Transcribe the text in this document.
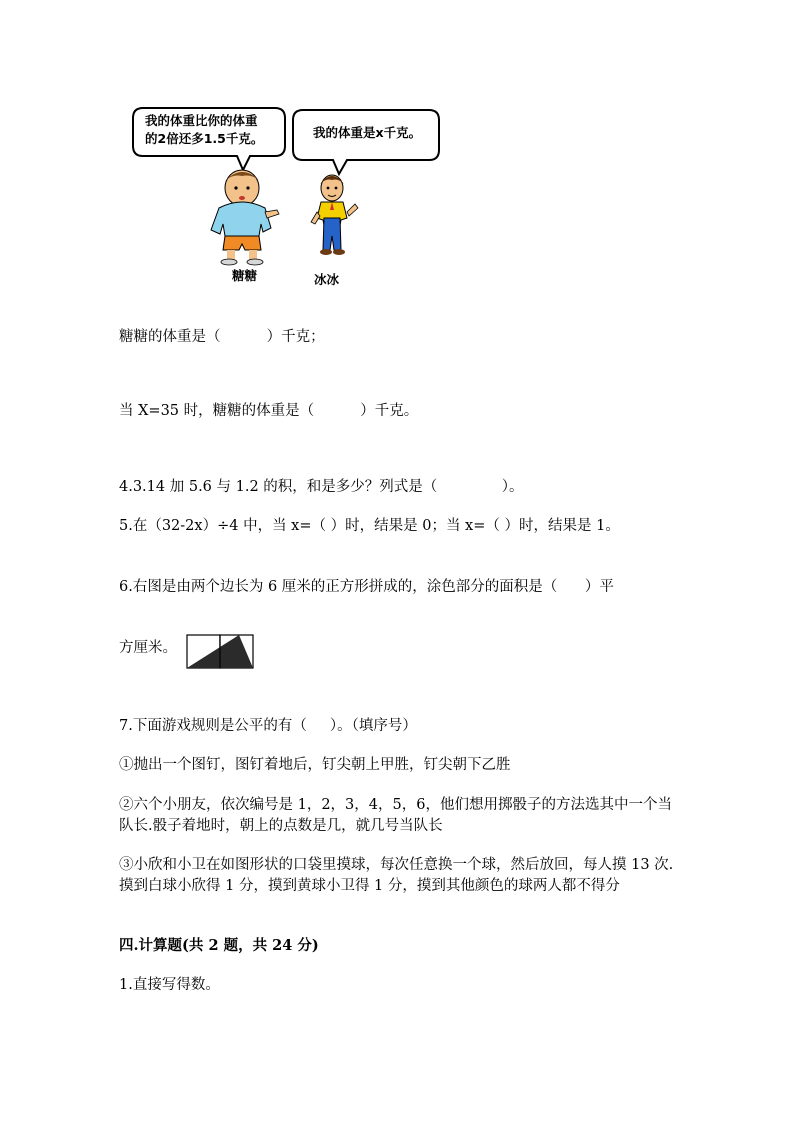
我的体重比你的体重
的2倍还多1.5千克。	我的体重是x千克。
糖糖	冰冰
糖糖的体重是（          ）千克；
当 X=35 时，糖糖的体重是（          ）千克。
4.3.14 加 5.6 与 1.2 的积，和是多少？列式是（              ）。
5.在（32-2x）÷4 中，当 x=（ ）时，结果是 0；当 x=（ ）时，结果是 1。
6.右图是由两个边长为 6 厘米的正方形拼成的，涂色部分的面积是（      ）平
方厘米。
7.下面游戏规则是公平的有（     ）。（填序号）
①抛出一个图钉，图钉着地后，钉尖朝上甲胜，钉尖朝下乙胜
②六个小朋友，依次编号是 1，2，3，4，5，6，他们想用掷骰子的方法选其中一个当队长.骰子着地时，朝上的点数是几，就几号当队长
③小欣和小卫在如图形状的口袋里摸球，每次任意换一个球，然后放回，每人摸 13 次.摸到白球小欣得 1 分，摸到黄球小卫得 1 分，摸到其他颜色的球两人都不得分
四.计算题(共 2 题，共 24 分)
1.直接写得数。
